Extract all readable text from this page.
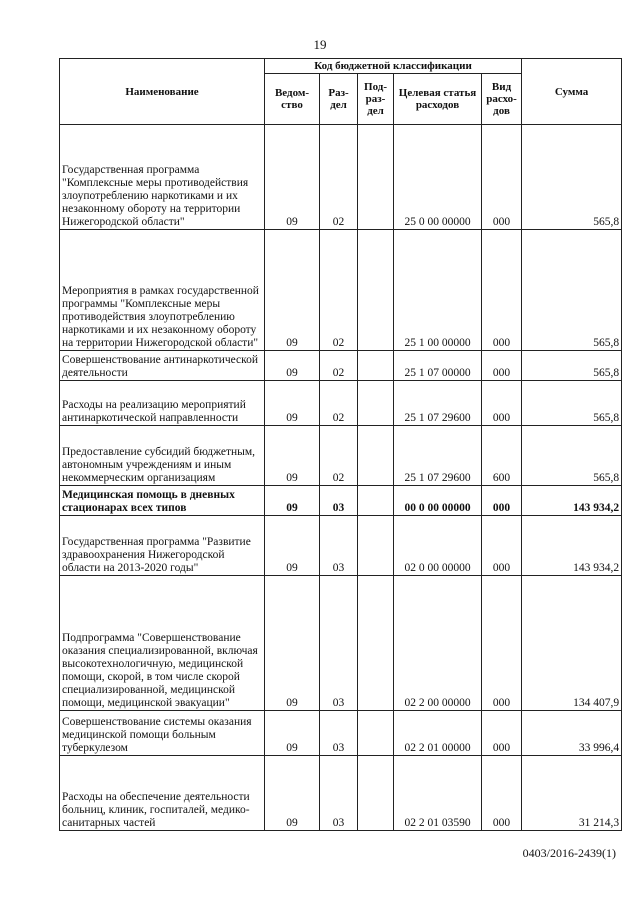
19
Наименование	Код бюджетной классификации					Сумма
	Ведом-ство	Раз-дел	Под-раз-дел	Целевая статья расходов	Вид расхо-дов	
Государственная программа "Комплексные меры противодействия злоупотреблению наркотиками и их незаконному обороту на территории Нижегородской области"	09	02		25 0 00 00000	000	565,8
Мероприятия в рамках государственной программы "Комплексные меры противодействия злоупотреблению наркотиками и их незаконному обороту на территории Нижегородской области"	09	02		25 1 00 00000	000	565,8
Совершенствование антинаркотической деятельности	09	02		25 1 07 00000	000	565,8
Расходы на реализацию мероприятий антинаркотической направленности	09	02		25 1 07 29600	000	565,8
Предоставление субсидий бюджетным, автономным учреждениям и иным некоммерческим организациям	09	02		25 1 07 29600	600	565,8
Медицинская помощь в дневных стационарах всех типов	09	03		00 0 00 00000	000	143 934,2
Государственная программа "Развитие здравоохранения Нижегородской области на 2013-2020 годы"	09	03		02 0 00 00000	000	143 934,2
Подпрограмма "Совершенствование оказания специализированной, включая высокотехнологичную, медицинской помощи, скорой, в том числе скорой специализированной, медицинской помощи, медицинской эвакуации"	09	03		02 2 00 00000	000	134 407,9
Совершенствование системы оказания медицинской помощи больным туберкулезом	09	03		02 2 01 00000	000	33 996,4
Расходы на обеспечение деятельности больниц, клиник, госпиталей, медико-санитарных частей	09	03		02 2 01 03590	000	31 214,3
0403/2016-2439(1)
